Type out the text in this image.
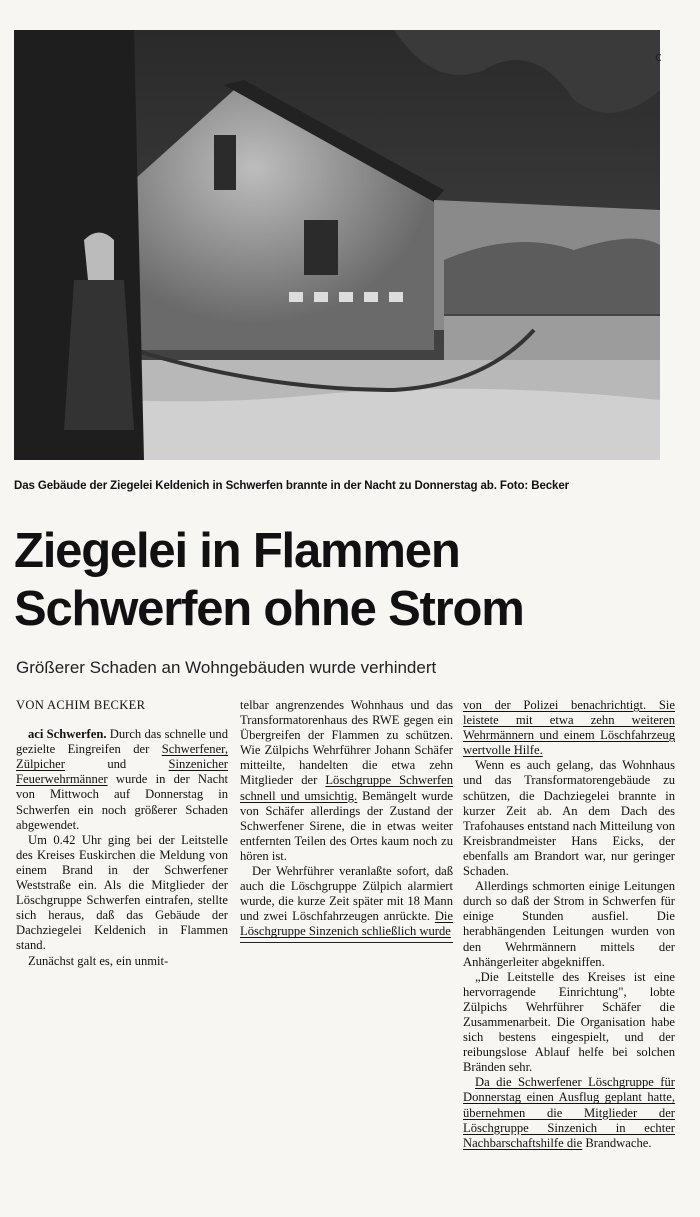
c
Das Gebäude der Ziegelei Keldenich in Schwerfen brannte in der Nacht zu Donnerstag ab. Foto: Becker
Ziegelei in Flammen
Schwerfen ohne Strom
Größerer Schaden an Wohngebäuden wurde verhindert

VON ACHIM BECKER

aci Schwerfen. Durch das schnelle und gezielte Eingreifen der Schwerfener, Zülpicher und Sinzenicher Feuerwehrmänner wurde in der Nacht von Mittwoch auf Donnerstag in Schwerfen ein noch größerer Schaden abgewendet.

Um 0.42 Uhr ging bei der Leitstelle des Kreises Euskirchen die Meldung von einem Brand in der Schwerfener Weststraße ein. Als die Mitglieder der Löschgruppe Schwerfen eintrafen, stellte sich heraus, daß das Gebäude der Dachziegelei Keldenich in Flammen stand.

Zunächst galt es, ein unmit-

telbar angrenzendes Wohnhaus und das Transformatorenhaus des RWE gegen ein Übergreifen der Flammen zu schützen. Wie Zülpichs Wehrführer Johann Schäfer mitteilte, handelten die etwa zehn Mitglieder der Löschgruppe Schwerfen schnell und umsichtig. Bemängelt wurde von Schäfer allerdings der Zustand der Schwerfener Sirene, die in etwas weiter entfernten Teilen des Ortes kaum noch zu hören ist.

Der Wehrführer veranlaßte sofort, daß auch die Löschgruppe Zülpich alarmiert wurde, die kurze Zeit später mit 18 Mann und zwei Löschfahrzeugen anrückte. Die Löschgruppe Sinzenich schließlich wurde

von der Polizei benachrichtigt. Sie leistete mit etwa zehn weiteren Wehrmännern und einem Löschfahrzeug wertvolle Hilfe.

Wenn es auch gelang, das Wohnhaus und das Transformatorengebäude zu schützen, die Dachziegelei brannte in kurzer Zeit ab. An dem Dach des Trafohauses entstand nach Mitteilung von Kreisbrandmeister Hans Eicks, der ebenfalls am Brandort war, nur geringer Schaden.

Allerdings schmorten einige Leitungen durch so daß der Strom in Schwerfen für einige Stunden ausfiel. Die herabhängenden Leitungen wurden von den Wehrmännern mittels der Anhängerleiter abgekniffen.

„Die Leitstelle des Kreises ist eine hervorragende Einrichtung", lobte Zülpichs Wehrführer Schäfer die Zusammenarbeit. Die Organisation habe sich bestens eingespielt, und der reibungslose Ablauf helfe bei solchen Bränden sehr.

Da die Schwerfener Löschgruppe für Donnerstag einen Ausflug geplant hatte, übernehmen die Mitglieder der Löschgruppe Sinzenich in echter Nachbarschaftshilfe die Brandwache.
